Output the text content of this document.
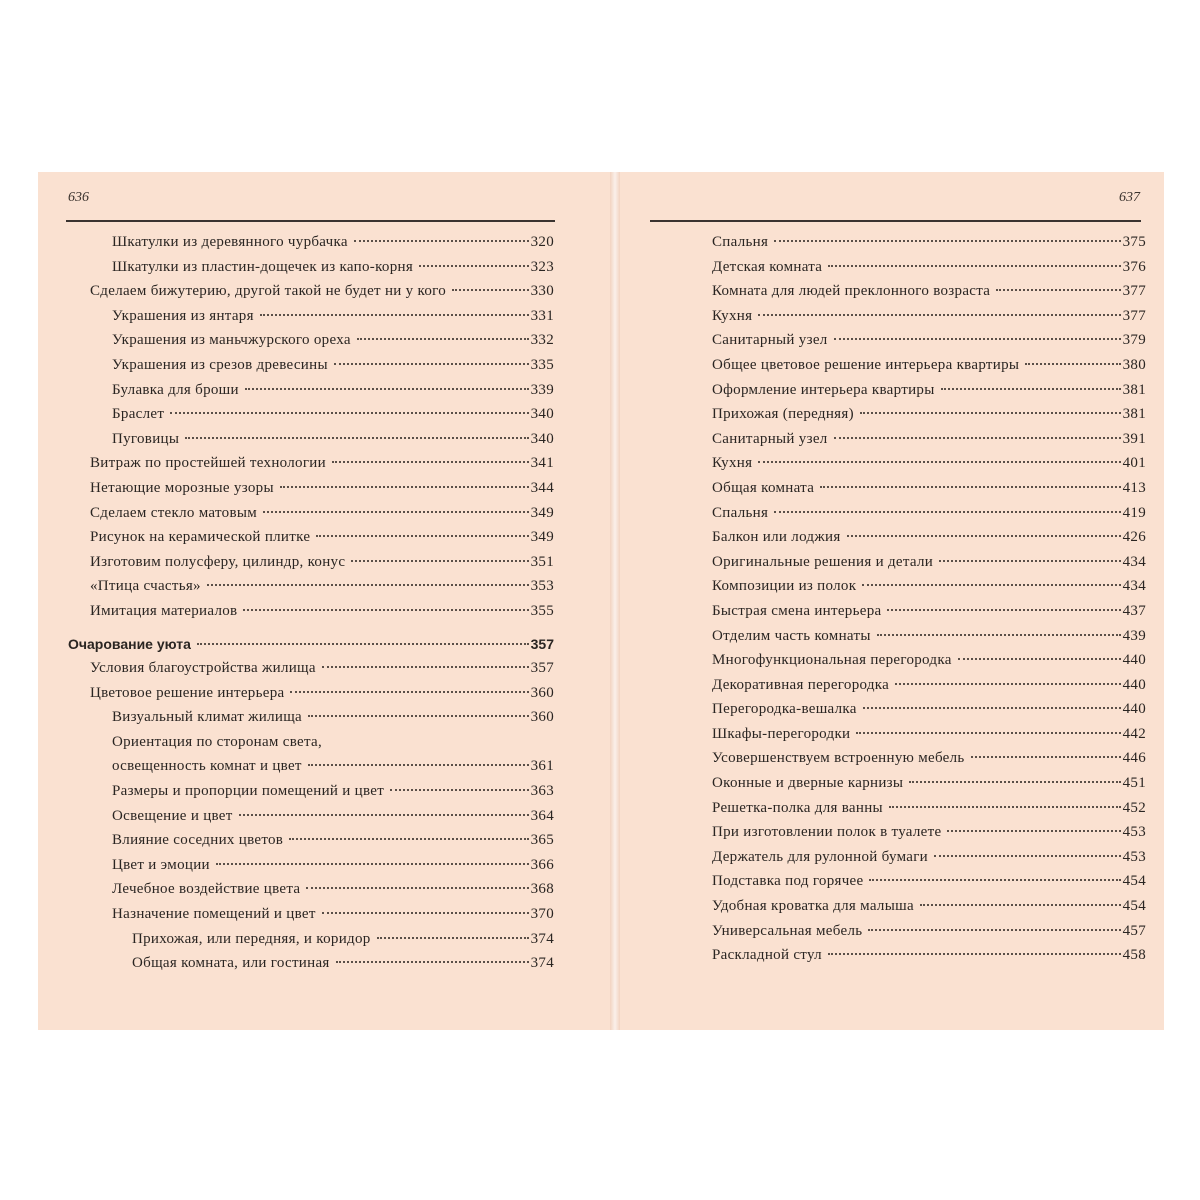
636
Шкатулки из деревянного чурбачка	320
Шкатулки из пластин-дощечек из капо-корня	323
Сделаем бижутерию, другой такой не будет ни у кого	330
Украшения из янтаря	331
Украшения из маньчжурского ореха	332
Украшения из срезов древесины	335
Булавка для броши	339
Браслет	340
Пуговицы	340
Витраж по простейшей технологии	341
Нетающие морозные узоры	344
Сделаем стекло матовым	349
Рисунок на керамической плитке	349
Изготовим полусферу, цилиндр, конус	351
«Птица счастья»	353
Имитация материалов	355
Очарование уюта	357
Условия благоустройства жилища	357
Цветовое решение интерьера	360
Визуальный климат жилища	360
Ориентация по сторонам света,
освещенность комнат и цвет	361
Размеры и пропорции помещений и цвет	363
Освещение и цвет	364
Влияние соседних цветов	365
Цвет и эмоции	366
Лечебное воздействие цвета	368
Назначение помещений и цвет	370
Прихожая, или передняя, и коридор	374
Общая комната, или гостиная	374
637
Спальня	375
Детская комната	376
Комната для людей преклонного возраста	377
Кухня	377
Санитарный узел	379
Общее цветовое решение интерьера квартиры	380
Оформление интерьера квартиры	381
Прихожая (передняя)	381
Санитарный узел	391
Кухня	401
Общая комната	413
Спальня	419
Балкон или лоджия	426
Оригинальные решения и детали	434
Композиции из полок	434
Быстрая смена интерьера	437
Отделим часть комнаты	439
Многофункциональная перегородка	440
Декоративная перегородка	440
Перегородка-вешалка	440
Шкафы-перегородки	442
Усовершенствуем встроенную мебель	446
Оконные и дверные карнизы	451
Решетка-полка для ванны	452
При изготовлении полок в туалете	453
Держатель для рулонной бумаги	453
Подставка под горячее	454
Удобная кроватка для малыша	454
Универсальная мебель	457
Раскладной стул	458
